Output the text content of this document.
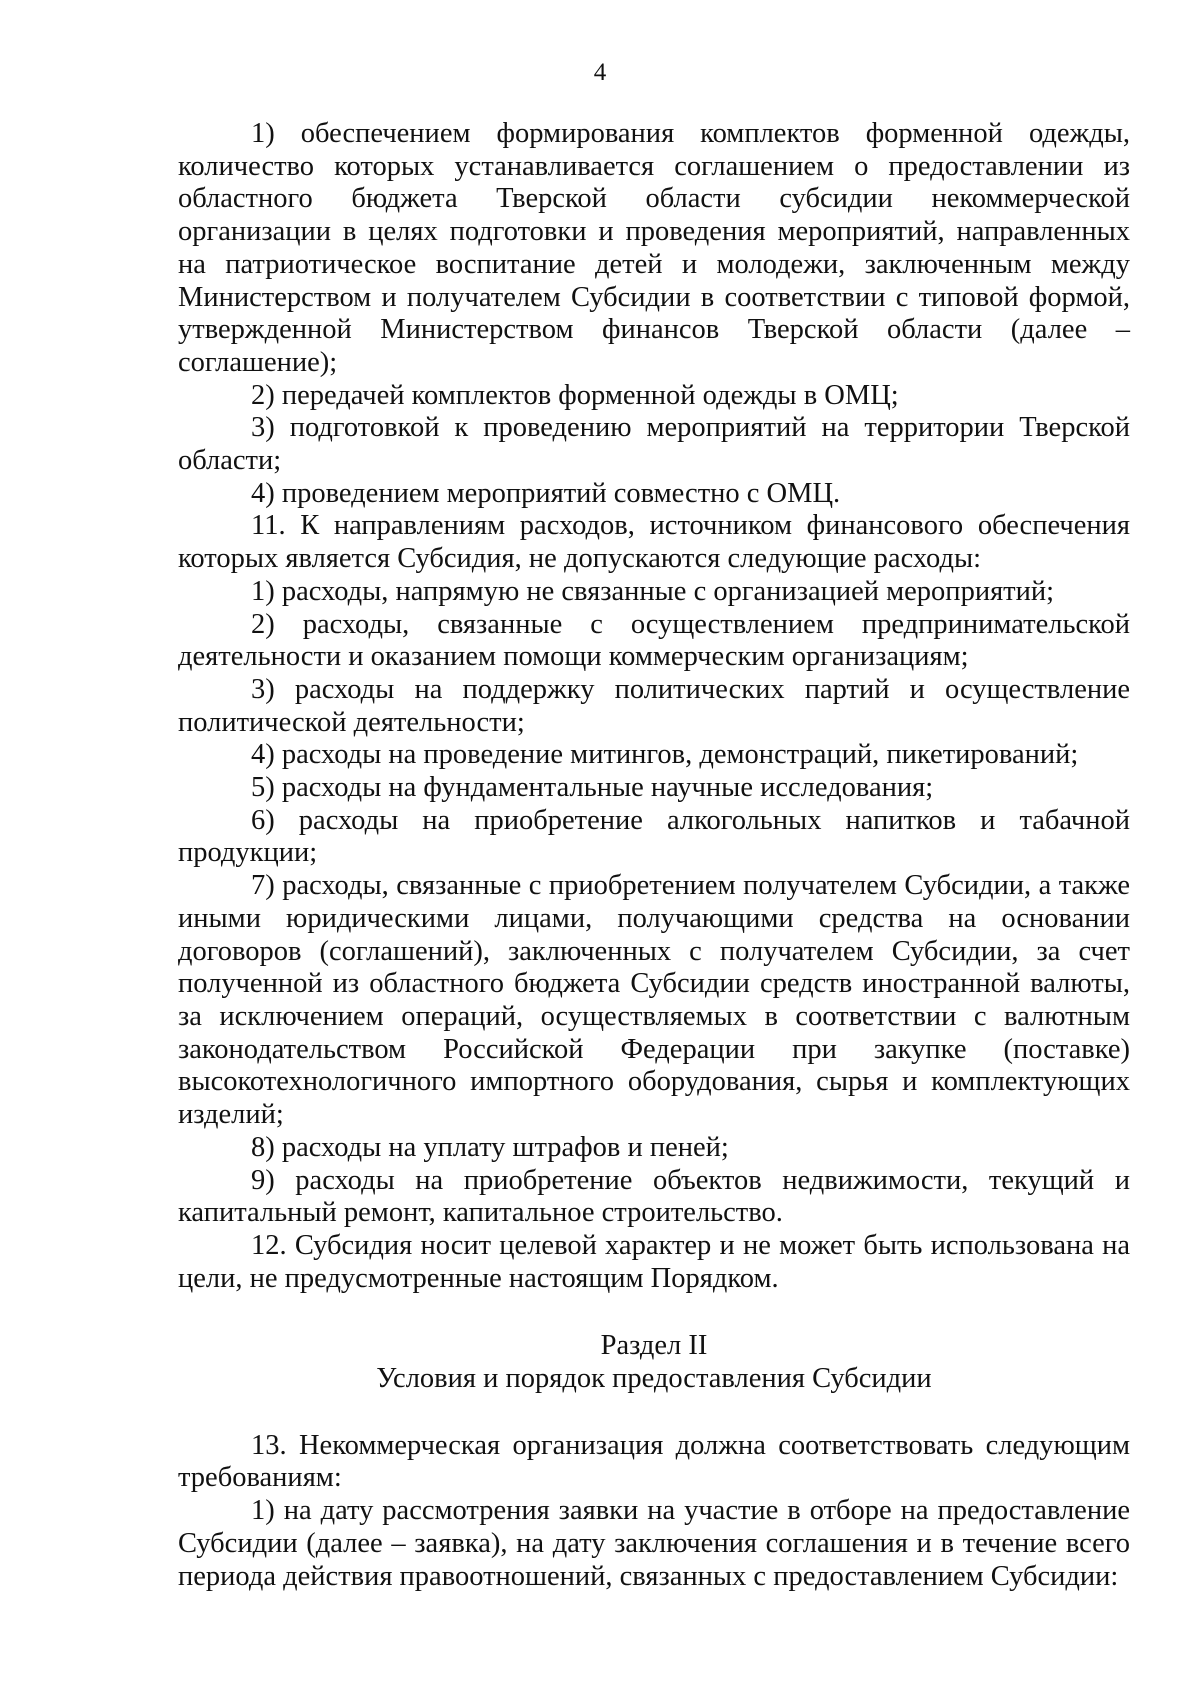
4

1) обеспечением формирования комплектов форменной одежды, количество которых устанавливается соглашением о предоставлении из областного бюджета Тверской области субсидии некоммерческой организации в целях подготовки и проведения мероприятий, направленных на патриотическое воспитание детей и молодежи, заключенным между Министерством и получателем Субсидии в соответствии с типовой формой, утвержденной Министерством финансов Тверской области (далее – соглашение);

2) передачей комплектов форменной одежды в ОМЦ;

3) подготовкой к проведению мероприятий на территории Тверской области;

4) проведением мероприятий совместно с ОМЦ.

11. К направлениям расходов, источником финансового обеспечения которых является Субсидия, не допускаются следующие расходы:

1) расходы, напрямую не связанные с организацией мероприятий;

2) расходы, связанные с осуществлением предпринимательской деятельности и оказанием помощи коммерческим организациям;

3) расходы на поддержку политических партий и осуществление политической деятельности;

4) расходы на проведение митингов, демонстраций, пикетирований;

5) расходы на фундаментальные научные исследования;

6) расходы на приобретение алкогольных напитков и табачной продукции;

7) расходы, связанные с приобретением получателем Субсидии, а также иными юридическими лицами, получающими средства на основании договоров (соглашений), заключенных с получателем Субсидии, за счет полученной из областного бюджета Субсидии средств иностранной валюты, за исключением операций, осуществляемых в соответствии с валютным законодательством Российской Федерации при закупке (поставке) высокотехнологичного импортного оборудования, сырья и комплектующих изделий;

8) расходы на уплату штрафов и пеней;

9) расходы на приобретение объектов недвижимости, текущий и капитальный ремонт, капитальное строительство.

12. Субсидия носит целевой характер и не может быть использована на цели, не предусмотренные настоящим Порядком.

Раздел II

Условия и порядок предоставления Субсидии

13. Некоммерческая организация должна соответствовать следующим требованиям:

1) на дату рассмотрения заявки на участие в отборе на предоставление Субсидии (далее – заявка), на дату заключения соглашения и в течение всего периода действия правоотношений, связанных с предоставлением Субсидии:
